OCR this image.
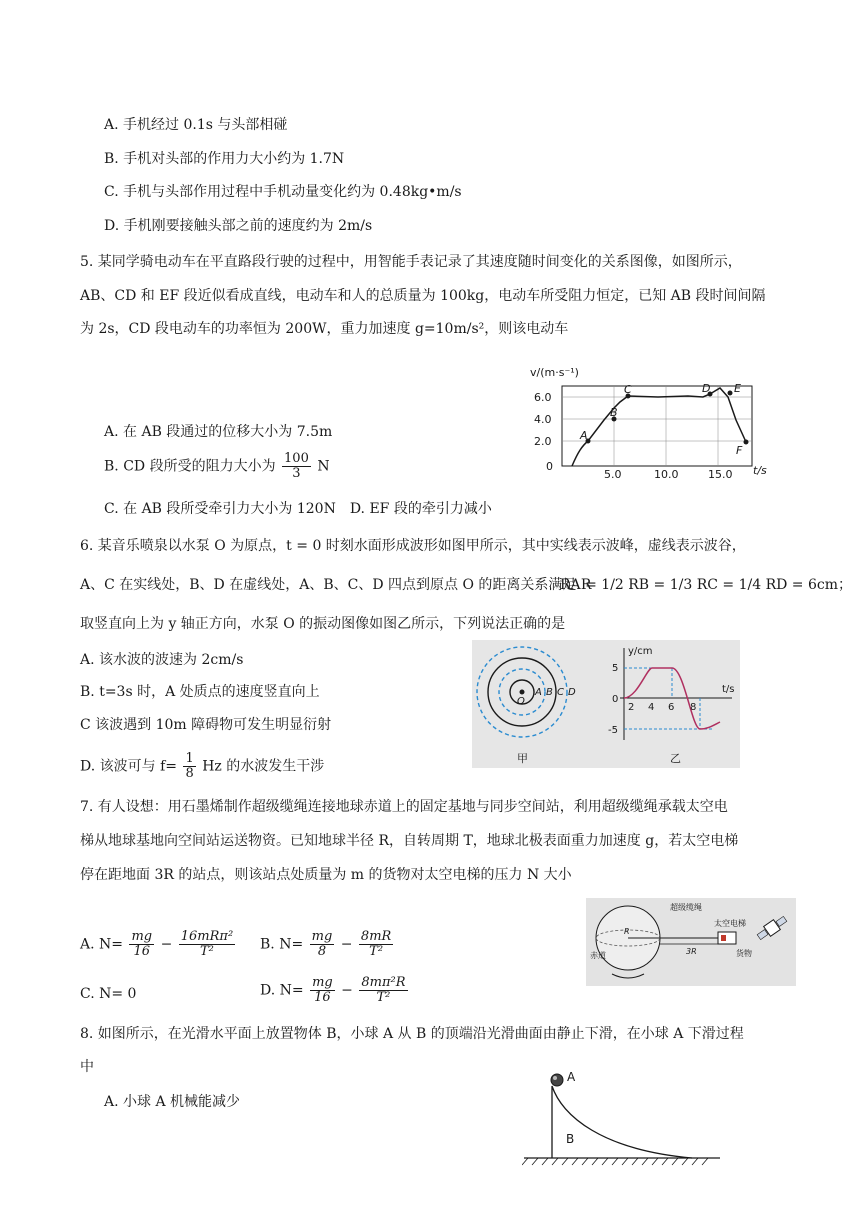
A. 手机经过 0.1s 与头部相碰
B. 手机对头部的作用力大小约为 1.7N
C. 手机与头部作用过程中手机动量变化约为 0.48kg•m/s
D. 手机刚要接触头部之前的速度约为 2m/s
5. 某同学骑电动车在平直路段行驶的过程中，用智能手表记录了其速度随时间变化的关系图像，如图所示，
AB、CD 和 EF 段近似看成直线，电动车和人的总质量为 100kg，电动车所受阻力恒定，已知 AB 段时间间隔
为 2s，CD 段电动车的功率恒为 200W，重力加速度 g=10m/s²，则该电动车
A. 在 AB 段通过的位移大小为 7.5m
B. CD 段所受的阻力大小为 $\frac{100}{3}$ N
C. 在 AB 段所受牵引力大小为 120N　D. EF 段的牵引力减小
v/(m·s⁻¹)
t/s
6.0
4.0
2.0
0
5.0	10.0	15.0
A
B
C	D E
F
6. 某音乐喷泉以水泵 O 为原点，t = 0 时刻水面形成波形如图甲所示，其中实线表示波峰，虚线表示波谷，
A、C 在实线处，B、D 在虚线处，A、B、C、D 四点到原点 O 的距离关系满足 R
RA = 1/2 RB = 1/3 RC = 1/4 RD = 6cm；
取竖直向上为 y 轴正方向，水泵 O 的振动图像如图乙所示，下列说法正确的是
A. 该水波的波速为 2cm/s
B. t=3s 时，A 处质点的速度竖直向上
C 该波遇到 10m 障碍物可发生明显衍射
D. 该波可与 $f= \frac{1}{8}$ Hz 的水波发生干涉
O
A B C D
y/cm
t/s
5
0
-5
2 4 6 8
甲	乙
7. 有人设想：用石墨烯制作超级缆绳连接地球赤道上的固定基地与同步空间站，利用超级缆绳承载太空电
梯从地球基地向空间站运送物资。已知地球半径 R，自转周期 T，地球北极表面重力加速度 g，若太空电梯
停在距地面 3R 的站点，则该站点处质量为 m 的货物对太空电梯的压力 N 大小
A. $N= \frac{mg}{16} - \frac{\text{16mRπ²}}{\text{T²}} B$. $N= \frac{mg}{8} - \frac{8mR}{\text{T²}}$
C. N= 0	D. $N= \frac{mg}{16} - \frac{\text{8mπ²R}}{\text{T²}}$
超级缆绳
太空电梯
R
3R
赤道	货物
8. 如图所示，在光滑水平面上放置物体 B，小球 A 从 B 的顶端沿光滑曲面由静止下滑，在小球 A 下滑过程
中
A. 小球 A 机械能减少
A
B
